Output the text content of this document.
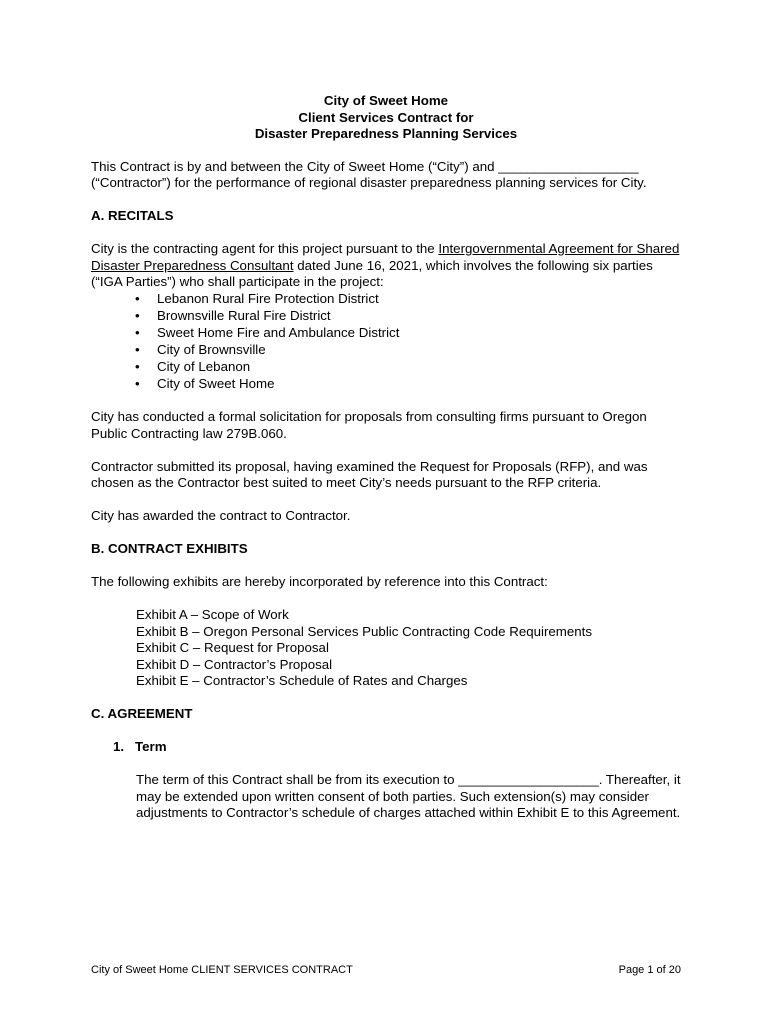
City of Sweet Home
Client Services Contract for
Disaster Preparedness Planning Services

This Contract is by and between the City of Sweet Home (“City”) and ___________________ (“Contractor”) for the performance of regional disaster preparedness planning services for City.

A. RECITALS

City is the contracting agent for this project pursuant to the Intergovernmental Agreement for Shared Disaster Preparedness Consultant dated June 16, 2021, which involves the following six parties (“IGA Parties”) who shall participate in the project:

• Lebanon Rural Fire Protection District
• Brownsville Rural Fire District
• Sweet Home Fire and Ambulance District
• City of Brownsville
• City of Lebanon
• City of Sweet Home

City has conducted a formal solicitation for proposals from consulting firms pursuant to Oregon Public Contracting law 279B.060.

Contractor submitted its proposal, having examined the Request for Proposals (RFP), and was chosen as the Contractor best suited to meet City’s needs pursuant to the RFP criteria.

City has awarded the contract to Contractor.

B. CONTRACT EXHIBITS

The following exhibits are hereby incorporated by reference into this Contract:

Exhibit A – Scope of Work
Exhibit B – Oregon Personal Services Public Contracting Code Requirements
Exhibit C – Request for Proposal
Exhibit D – Contractor’s Proposal
Exhibit E – Contractor’s Schedule of Rates and Charges
C. AGREEMENT
1. Term

The term of this Contract shall be from its execution to ___________________. Thereafter, it may be extended upon written consent of both parties. Such extension(s) may consider adjustments to Contractor’s schedule of charges attached within Exhibit E to this Agreement.

City of Sweet Home CLIENT SERVICES CONTRACT	Page 1 of 20
